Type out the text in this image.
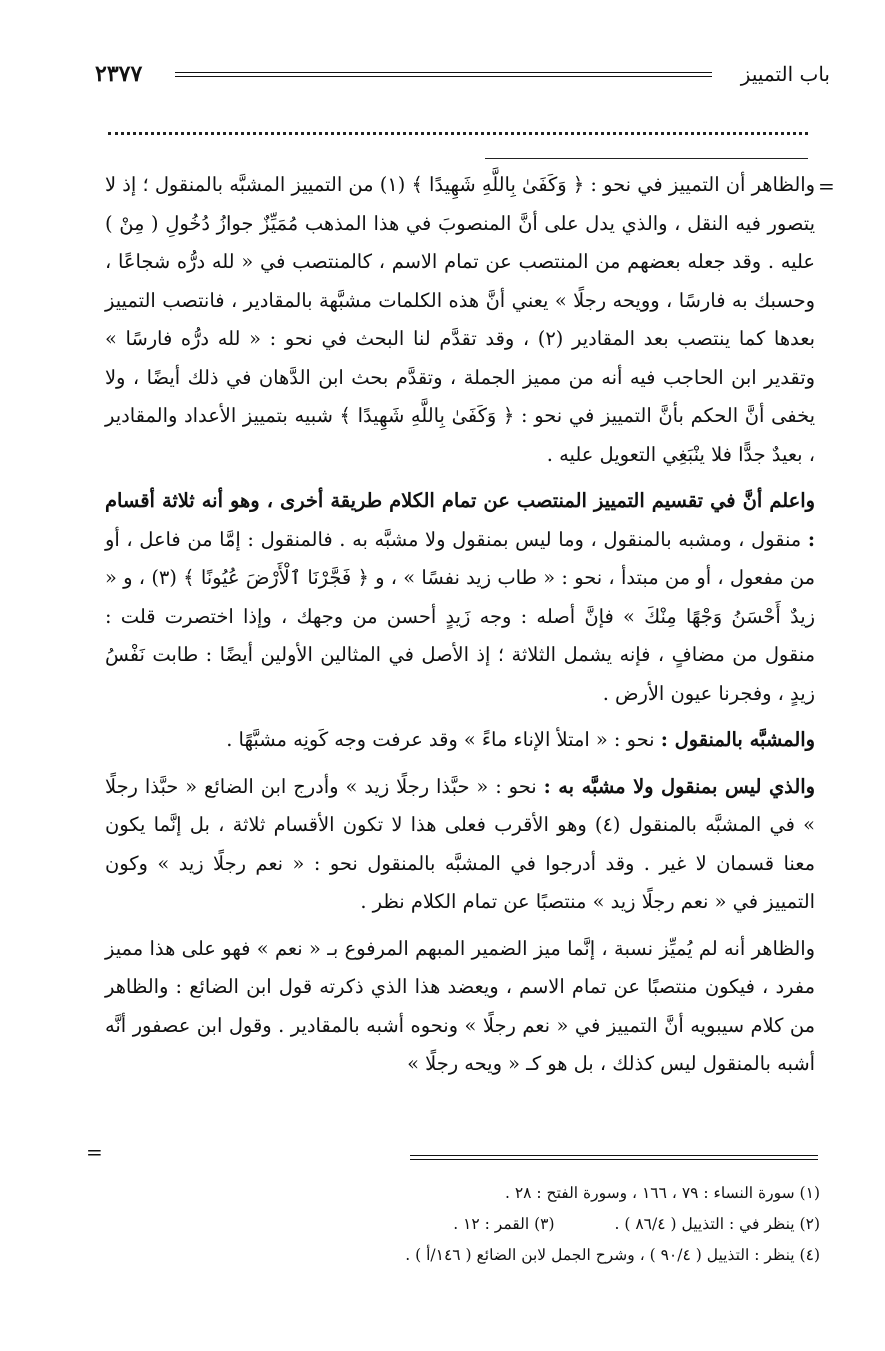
باب التمييز
٢٣٧٧
=
=

والظاهر أن التمييز في نحو : ﴿ وَكَفَىٰ بِاللَّهِ شَهِيدًا ﴾ (١) من التمييز المشبَّه بالمنقول ؛ إذ لا يتصور فيه النقل ، والذي يدل على أنَّ المنصوبَ في هذا المذهب مُمَيِّزٌ جوازُ دُخُولِ ( مِنْ ) عليه . وقد جعله بعضهم من المنتصب عن تمام الاسم ، كالمنتصب في « لله درُّه شجاعًا ، وحسبك به فارسًا ، وويحه رجلًا » يعني أنَّ هذه الكلمات مشبَّهة بالمقادير ، فانتصب التمييز بعدها كما ينتصب بعد المقادير (٢) ، وقد تقدَّم لنا البحث في نحو : « لله درُّه فارسًا » وتقدير ابن الحاجب فيه أنه من مميز الجملة ، وتقدَّم بحث ابن الدَّهان في ذلك أيضًا ، ولا يخفى أنَّ الحكم بأنَّ التمييز في نحو : ﴿ وَكَفَىٰ بِاللَّهِ شَهِيدًا ﴾ شبيه بتمييز الأعداد والمقادير ، بعيدٌ جدًّا فلا ينْبَغِي التعويل عليه .

واعلم أنَّ في تقسيم التمييز المنتصب عن تمام الكلام طريقة أخرى ، وهو أنه ثلاثة أقسام : منقول ، ومشبه بالمنقول ، وما ليس بمنقول ولا مشبَّه به . فالمنقول : إمَّا من فاعل ، أو من مفعول ، أو من مبتدأ ، نحو : « طاب زيد نفسًا » ، و ﴿ فَجَّرْنَا ٱلْأَرْضَ عُيُونًا ﴾ (٣) ، و « زيدٌ أَحْسَنُ وَجْهًا مِنْكَ » فإنَّ أصله : وجه زَيدٍ أحسن من وجهك ، وإذا اختصرت قلت : منقول من مضافٍ ، فإنه يشمل الثلاثة ؛ إذ الأصل في المثالين الأولين أيضًا : طابت نَفْسُ زيدٍ ، وفجرنا عيون الأرض .

والمشبَّه بالمنقول : نحو : « امتلأ الإناء ماءً » وقد عرفت وجه كَونِه مشبَّهًا .

والذي ليس بمنقول ولا مشبَّه به : نحو : « حبَّذا رجلًا زيد » وأدرج ابن الضائع « حبَّذا رجلًا » في المشبَّه بالمنقول (٤) وهو الأقرب فعلى هذا لا تكون الأقسام ثلاثة ، بل إنَّما يكون معنا قسمان لا غير . وقد أدرجوا في المشبَّه بالمنقول نحو : « نعم رجلًا زيد » وكون التمييز في « نعم رجلًا زيد » منتصبًا عن تمام الكلام نظر .

والظاهر أنه لم يُميِّز نسبة ، إنَّما ميز الضمير المبهم المرفوع بـ « نعم » فهو على هذا مميز مفرد ، فيكون منتصبًا عن تمام الاسم ، ويعضد هذا الذي ذكرته قول ابن الضائع : والظاهر من كلام سيبويه أنَّ التمييز في « نعم رجلًا » ونحوه أشبه بالمقادير . وقول ابن عصفور أنَّه أشبه بالمنقول ليس كذلك ، بل هو كـ « ويحه رجلًا »

(١) سورة النساء : ٧٩ ، ١٦٦ ، وسورة الفتح : ٢٨ .
(٢) ينظر في : التذييل ( ٨٦/٤ ) .
(٣) القمر : ١٢ .
(٤) ينظر : التذييل ( ٩٠/٤ ) ، وشرح الجمل لابن الضائع ( ١٤٦/أ ) .
